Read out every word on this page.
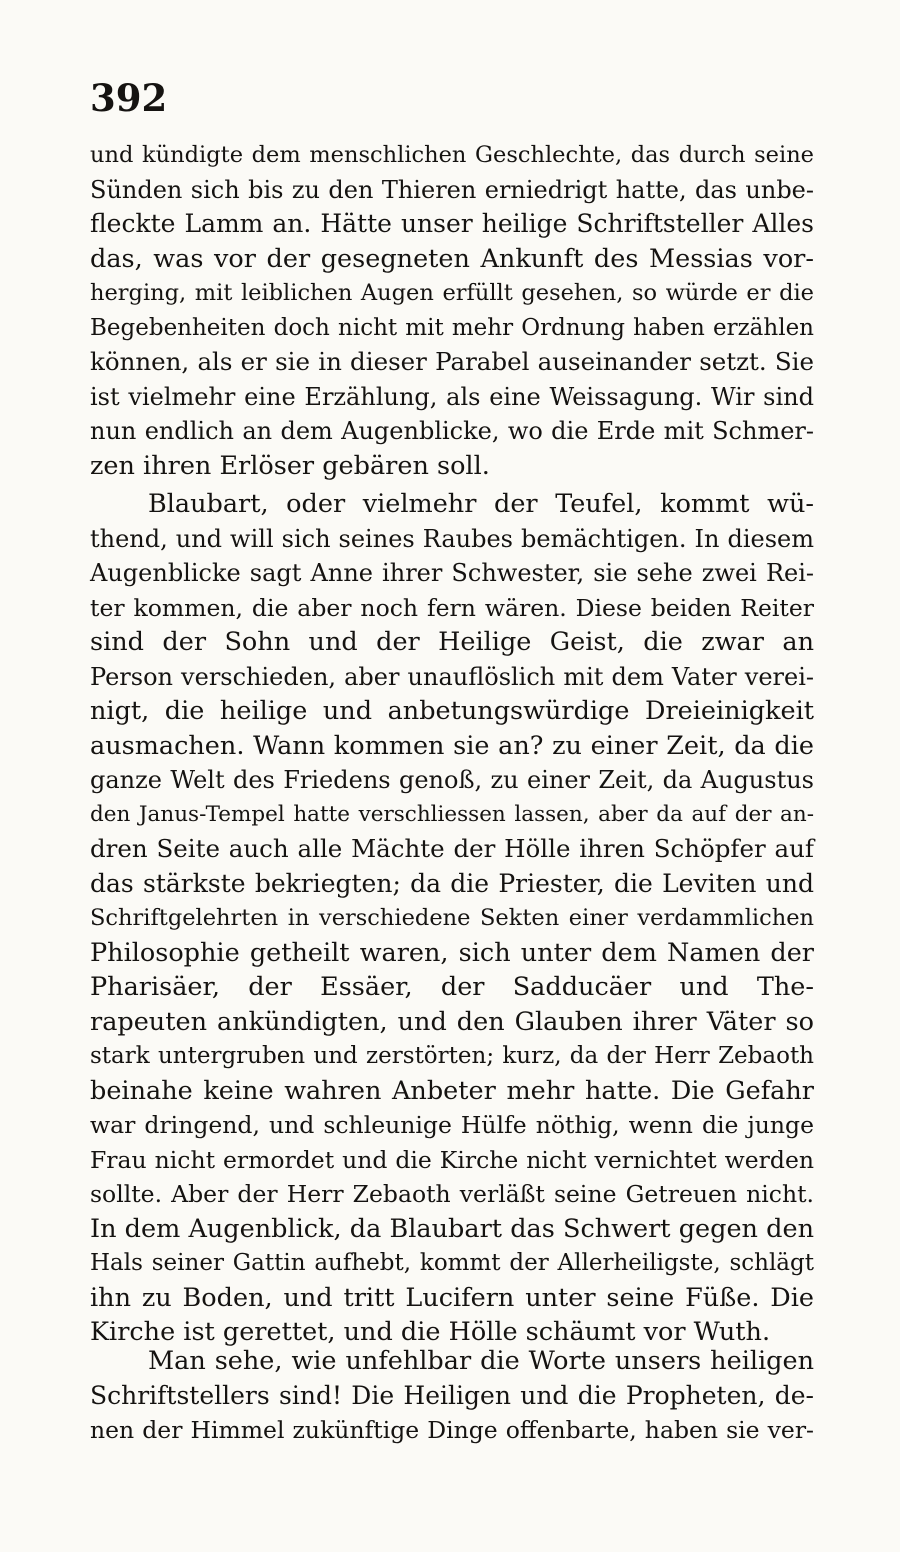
392
und kündigte dem menschlichen Geschlechte, das durch seine
Sünden sich bis zu den Thieren erniedrigt hatte, das unbe-
fleckte Lamm an. Hätte unser heilige Schriftsteller Alles
das, was vor der gesegneten Ankunft des Messias vor-
herging, mit leiblichen Augen erfüllt gesehen, so würde er die
Begebenheiten doch nicht mit mehr Ordnung haben erzählen
können, als er sie in dieser Parabel auseinander setzt. Sie
ist vielmehr eine Erzählung, als eine Weissagung. Wir sind
nun endlich an dem Augenblicke, wo die Erde mit Schmer-
zen ihren Erlöser gebären soll.
Blaubart, oder vielmehr der Teufel, kommt wü-
thend, und will sich seines Raubes bemächtigen. In diesem
Augenblicke sagt Anne ihrer Schwester, sie sehe zwei Rei-
ter kommen, die aber noch fern wären. Diese beiden Reiter
sind der Sohn und der Heilige Geist, die zwar an
Person verschieden, aber unauflöslich mit dem Vater verei-
nigt, die heilige und anbetungswürdige Dreieinigkeit
ausmachen. Wann kommen sie an? zu einer Zeit, da die
ganze Welt des Friedens genoß, zu einer Zeit, da Augustus
den Janus-Tempel hatte verschliessen lassen, aber da auf der an-
dren Seite auch alle Mächte der Hölle ihren Schöpfer auf
das stärkste bekriegten; da die Priester, die Leviten und
Schriftgelehrten in verschiedene Sekten einer verdammlichen
Philosophie getheilt waren, sich unter dem Namen der
Pharisäer, der Essäer, der Sadducäer und The-
rapeuten ankündigten, und den Glauben ihrer Väter so
stark untergruben und zerstörten; kurz, da der Herr Zebaoth
beinahe keine wahren Anbeter mehr hatte. Die Gefahr
war dringend, und schleunige Hülfe nöthig, wenn die junge
Frau nicht ermordet und die Kirche nicht vernichtet werden
sollte. Aber der Herr Zebaoth verläßt seine Getreuen nicht.
In dem Augenblick, da Blaubart das Schwert gegen den
Hals seiner Gattin aufhebt, kommt der Allerheiligste, schlägt
ihn zu Boden, und tritt Lucifern unter seine Füße. Die
Kirche ist gerettet, und die Hölle schäumt vor Wuth.
Man sehe, wie unfehlbar die Worte unsers heiligen
Schriftstellers sind! Die Heiligen und die Propheten, de-
nen der Himmel zukünftige Dinge offenbarte, haben sie ver-
